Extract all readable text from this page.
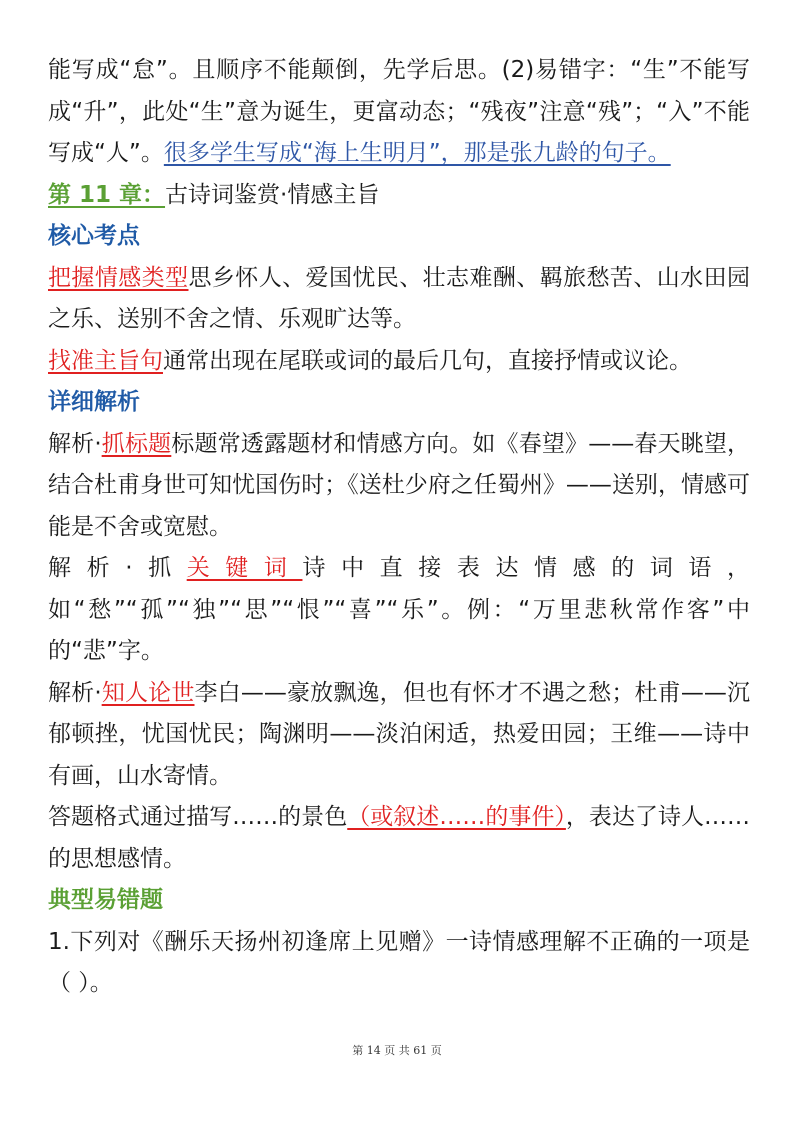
能写成“怠”。且顺序不能颠倒，先学后思。(2)易错字：“生”不能写成“升”，此处“生”意为诞生，更富动态；“残夜”注意“残”；“入”不能写成“人”。很多学生写成“海上生明月”，那是张九龄的句子。

第 11 章：古诗词鉴赏·情感主旨

核心考点

把握情感类型思乡怀人、爱国忧民、壮志难酬、羁旅愁苦、山水田园之乐、送别不舍之情、乐观旷达等。

找准主旨句通常出现在尾联或词的最后几句，直接抒情或议论。

详细解析

解析·抓标题标题常透露题材和情感方向。如《春望》——春天眺望，结合杜甫身世可知忧国伤时；《送杜少府之任蜀州》——送别，情感可能是不舍或宽慰。

解析·抓关键词诗中直接表达情感的词语，如“愁”“孤”“独”“思”“恨”“喜”“乐”。例：“万里悲秋常作客”中的“悲”字。

解析·知人论世李白——豪放飘逸，但也有怀才不遇之愁；杜甫——沉郁顿挫，忧国忧民；陶渊明——淡泊闲适，热爱田园；王维——诗中有画，山水寄情。

答题格式通过描写……的景色（或叙述……的事件），表达了诗人……的思想感情。

典型易错题

1.下列对《酬乐天扬州初逢席上见赠》一诗情感理解不正确的一项是（ ）。

第 14 页 共 61 页
